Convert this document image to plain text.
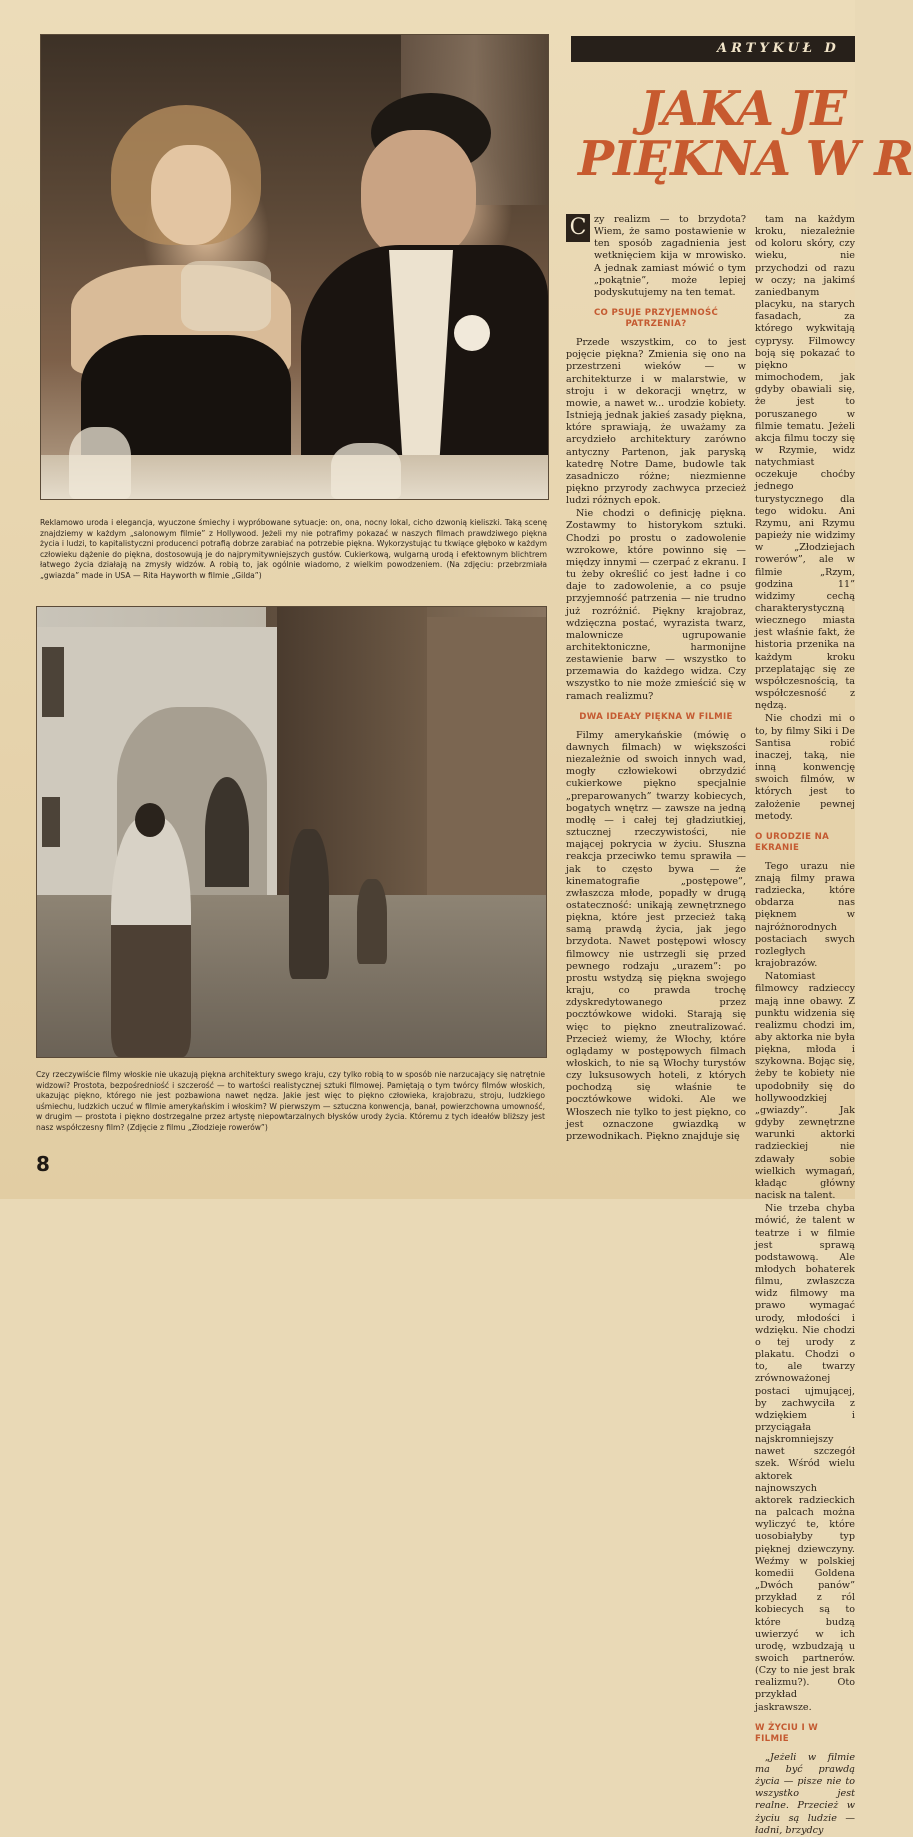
Reklamowo uroda i elegancja, wyuczone śmiechy i wypróbowane sytuacje: on, ona, nocny lokal, cicho dzwonią kieliszki. Taką scenę znajdziemy w każdym „salonowym filmie” z Hollywood. Jeżeli my nie potrafimy pokazać w naszych filmach prawdziwego piękna życia i ludzi, to kapitalistyczni producenci potrafią dobrze zarabiać na potrzebie piękna. Wykorzystując tu tkwiące głęboko w każdym człowieku dążenie do piękna, dostosowują je do najprymitywniejszych gustów. Cukierkową, wulgarną urodą i efektownym blichtrem łatwego życia działają na zmysły widzów. A robią to, jak ogólnie wiadomo, z wielkim powodzeniem. (Na zdjęciu: przebrzmiała „gwiazda” made in USA — Rita Hayworth w filmie „Gilda”)

Czy rzeczywiście filmy włoskie nie ukazują piękna architektury swego kraju, czy tylko robią to w sposób nie narzucający się natrętnie widzowi? Prostota, bezpośredniość i szczerość — to wartości realistycznej sztuki filmowej. Pamiętają o tym twórcy filmów włoskich, ukazując piękno, którego nie jest pozbawiona nawet nędza. Jakie jest więc to piękno człowieka, krajobrazu, stroju, ludzkiego uśmiechu, ludzkich uczuć w filmie amerykańskim i włoskim? W pierwszym — sztuczna konwencja, banał, powierzchowna umowność, w drugim — prostota i piękno dostrzegalne przez artystę niepowtarzalnych błysków urody życia. Któremu z tych ideałów bliższy jest nasz współczesny film? (Zdjęcie z filmu „Złodzieje rowerów”)

8

ARTYKUŁ D
JAKA JE
PIĘKNA W R
C zy realizm — to brzydota? Wiem, że samo postawienie w ten sposób zagadnienia jest wetknięciem kija w mrowisko. A jednak zamiast mówić o tym „pokątnie”, może lepiej podyskutujemy na ten temat.

CO PSUJE PRZYJEMNOŚĆ PATRZENIA?

Przede wszystkim, co to jest pojęcie piękna? Zmienia się ono na przestrzeni wieków — w architekturze i w malarstwie, w stroju i w dekoracji wnętrz, w mowie, a nawet w... urodzie kobiety. Istnieją jednak jakieś zasady piękna, które sprawiają, że uważamy za arcydzieło architektury zarówno antyczny Partenon, jak paryską katedrę Notre Dame, budowle tak zasadniczo różne; niezmienne piękno przyrody zachwyca przecież ludzi różnych epok.

Nie chodzi o definicję piękna. Zostawmy to historykom sztuki. Chodzi po prostu o zadowolenie wzrokowe, które powinno się — między innymi — czerpać z ekranu. I tu żeby określić co jest ładne i co daje to zadowolenie, a co psuje przyjemność patrzenia — nie trudno już rozróżnić. Piękny krajobraz, wdzięczna postać, wyrazista twarz, malownicze ugrupowanie architektoniczne, harmonijne zestawienie barw — wszystko to przemawia do każdego widza. Czy wszystko to nie może zmieścić się w ramach realizmu?

DWA IDEAŁY PIĘKNA W FILMIE

Filmy amerykańskie (mówię o dawnych filmach) w większości niezależnie od swoich innych wad, mogły człowiekowi obrzydzić cukierkowe piękno specjalnie „preparowanych” twarzy kobiecych, bogatych wnętrz — zawsze na jedną modłę — i całej tej gładziutkiej, sztucznej rzeczywistości, nie mającej pokrycia w życiu. Słuszna reakcja przeciwko temu sprawiła — jak to często bywa — że kinematografie „postępowe”, zwłaszcza młode, popadły w drugą ostateczność: unikają zewnętrznego piękna, które jest przecież taką samą prawdą życia, jak jego brzydota. Nawet postępowi włoscy filmowcy nie ustrzegli się przed pewnego rodzaju „urazem”: po prostu wstydzą się piękna swojego kraju, co prawda trochę zdyskredytowanego przez pocztówkowe widoki. Starają się więc to piękno zneutralizować. Przecież wiemy, że Włochy, które oglądamy w postępowych filmach włoskich, to nie są Włochy turystów czy luksusowych hoteli, z których pochodzą się właśnie te pocztówkowe widoki. Ale we Włoszech nie tylko to jest piękno, co jest oznaczone gwiazdką w przewodnikach. Piękno znajduje się

tam na każdym kroku, niezależnie od koloru skóry, czy wieku, nie przychodzi od razu w oczy; na jakimś zaniedbanym placyku, na starych fasadach, za którego wykwitają cyprysy. Filmowcy boją się pokazać to piękno mimochodem, jak gdyby obawiali się, że jest to poruszanego w filmie tematu. Jeżeli akcja filmu toczy się w Rzymie, widz natychmiast oczekuje choćby jednego turystycznego dla tego widoku. Ani Rzymu, ani Rzymu papieży nie widzimy w „Złodziejach rowerów”, ale w filmie „Rzym, godzina 11” widzimy cechą charakterystyczną wiecznego miasta jest właśnie fakt, że historia przenika na każdym kroku przeplatając się ze współczesnością, ta współczesność z nędzą.

Nie chodzi mi o to, by filmy Siki i De Santisa robić inaczej, taką, nie inną konwencję swoich filmów, w których jest to założenie pewnej metody.

O URODZIE NA EKRANIE

Tego urazu nie znają filmy prawa radziecka, które obdarza nas pięknem w najróżnorodnych postaciach swych rozległych krajobrazów.

Natomiast filmowcy radzieccy mają inne obawy. Z punktu widzenia się realizmu chodzi im, aby aktorka nie była piękna, młoda i szykowna. Bojąc się, żeby te kobiety nie upodobniły się do hollywoodzkiej „gwiazdy”. Jak gdyby zewnętrzne warunki aktorki radzieckiej nie zdawały sobie wielkich wymagań, kładąc główny nacisk na talent.

Nie trzeba chyba mówić, że talent w teatrze i w filmie jest sprawą podstawową. Ale młodych bohaterek filmu, zwłaszcza widz filmowy ma prawo wymagać urody, młodości i wdzięku. Nie chodzi o tej urody z plakatu. Chodzi o to, ale twarzy zrównoważonej postaci ujmującej, by zachwyciła z wdziękiem i przyciągała najskromniejszy nawet szczegół szek. Wśród wielu aktorek najnowszych aktorek radzieckich na palcach można wyliczyć te, które uosobiałyby typ pięknej dziewczyny. Weźmy w polskiej komedii Goldena „Dwóch panów” przykład z ról kobiecych są to które budzą uwierzyć w ich urodę, wzbudzają u swoich partnerów. (Czy to nie jest brak realizmu?). Oto przykład jaskrawsze.

W ŻYCIU I W FILMIE

„Jeżeli w filmie ma być prawdą życia — pisze nie to wszystko jest realne. Przecież w życiu są ludzie — ładni, brzydcy
